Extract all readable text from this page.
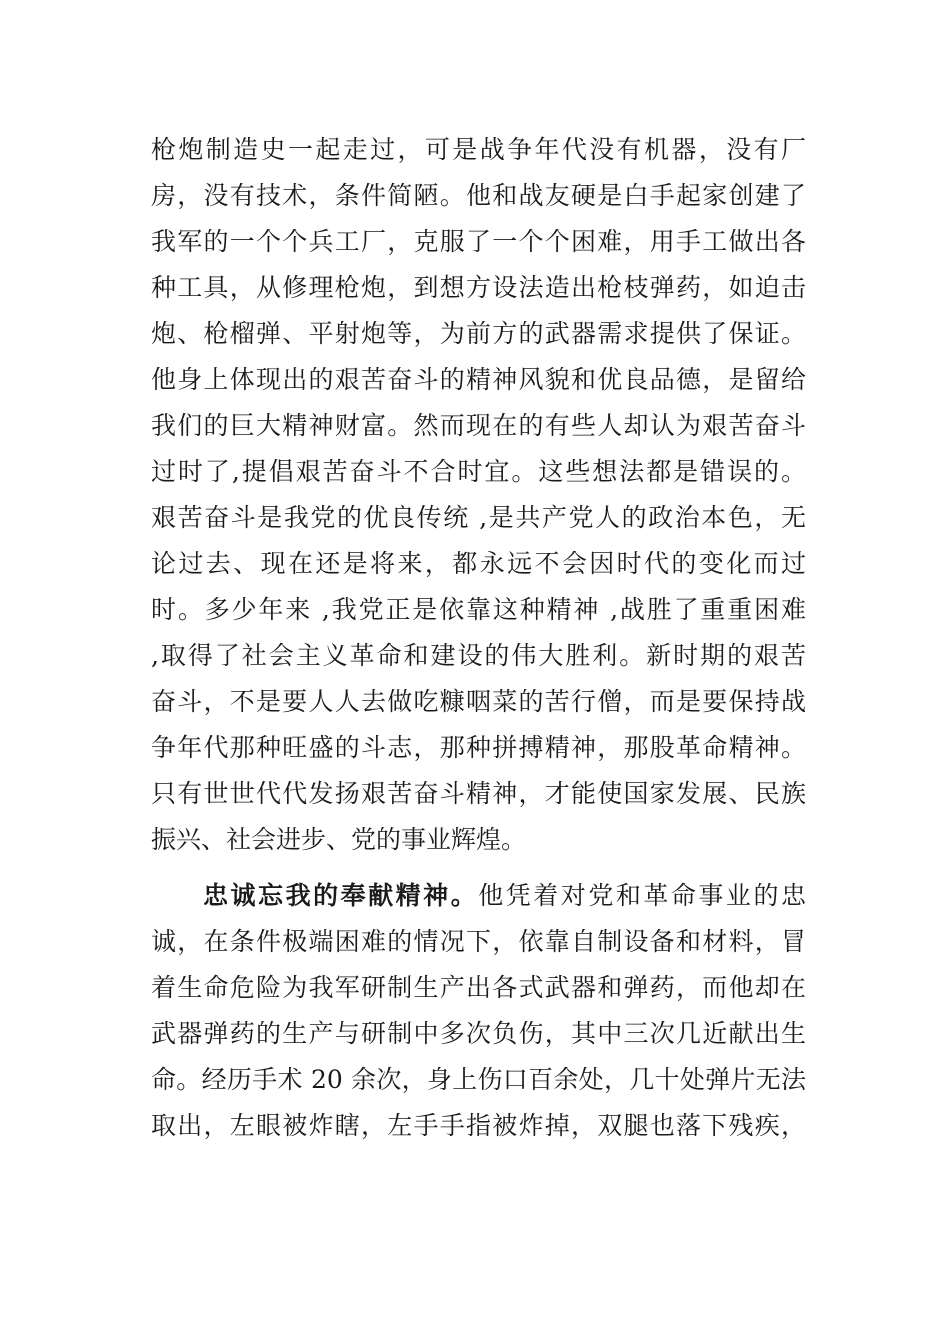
枪炮制造史一起走过，可是战争年代没有机器，没有厂
房，没有技术，条件简陋。他和战友硬是白手起家创建了
我军的一个个兵工厂，克服了一个个困难，用手工做出各
种工具，从修理枪炮，到想方设法造出枪枝弹药，如迫击
炮、枪榴弹、平射炮等，为前方的武器需求提供了保证。
他身上体现出的艰苦奋斗的精神风貌和优良品德，是留给
我们的巨大精神财富。然而现在的有些人却认为艰苦奋斗
过时了,提倡艰苦奋斗不合时宜。这些想法都是错误的。
艰苦奋斗是我党的优良传统 ,是共产党人的政治本色，无
论过去、现在还是将来，都永远不会因时代的变化而过
时。多少年来 ,我党正是依靠这种精神 ,战胜了重重困难
,取得了社会主义革命和建设的伟大胜利。新时期的艰苦
奋斗，不是要人人去做吃糠咽菜的苦行僧，而是要保持战
争年代那种旺盛的斗志，那种拼搏精神，那股革命精神。
只有世世代代发扬艰苦奋斗精神，才能使国家发展、民族
振兴、社会进步、党的事业辉煌。
忠诚忘我的奉献精神。他凭着对党和革命事业的忠
诚，在条件极端困难的情况下，依靠自制设备和材料，冒
着生命危险为我军研制生产出各式武器和弹药，而他却在
武器弹药的生产与研制中多次负伤，其中三次几近献出生
命。经历手术 20 余次，身上伤口百余处，几十处弹片无法
取出，左眼被炸瞎，左手手指被炸掉，双腿也落下残疾，
